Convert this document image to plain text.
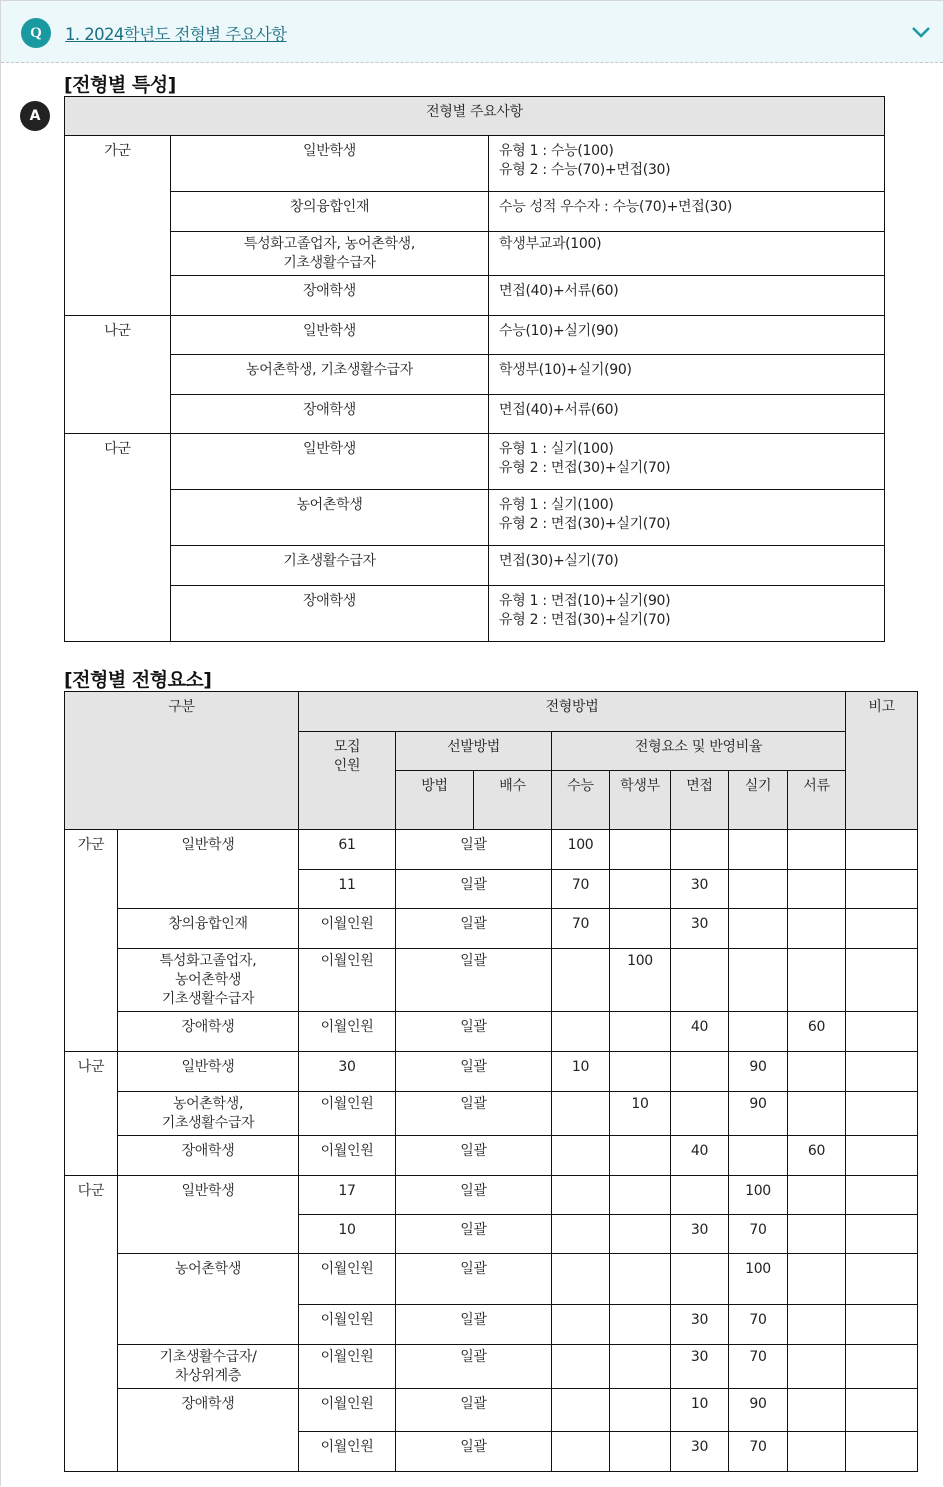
Q	1. 2024학년도 전형별 주요사항
A
[전형별 특성]
전형별 주요사항		
가군	일반학생	유형 1 : 수능(100)
유형 2 : 수능(70)+면접(30)

	창의융합인재	수능 성적 우수자 : 수능(70)+면접(30)

	특성화고졸업자, 농어촌학생,
기초생활수급자	학생부교과(100)
	장애학생	면접(40)+서류(60)
나군	일반학생	수능(10)+실기(90)
	농어촌학생, 기초생활수급자	학생부(10)+실기(90)
	장애학생	면접(40)+서류(60)
다군	일반학생	유형 1 : 실기(100)
유형 2 : 면접(30)+실기(70)

	농어촌학생	유형 1 : 실기(100)
유형 2 : 면접(30)+실기(70)

	기초생활수급자	면접(30)+실기(70)
	장애학생	유형 1 : 면접(10)+실기(90)
유형 2 : 면접(30)+실기(70)
[전형별 전형요소]
구분		전형방법								비고

		모집
인원	선발방법		전형요소 및 반영비율					
			방법	배수	수능	학생부	면접	실기	서류	
가군	일반학생	61	일괄		100					
		11	일괄		70		30			
	창의융합인재	이월인원	일괄		70		30			

	특성화고졸업자,
농어촌학생
기초생활수급자	이월인원	일괄			100				
	장애학생	이월인원	일괄				40		60	
나군	일반학생	30	일괄		10			90		

	농어촌학생,
기초생활수급자	이월인원	일괄			10		90		
	장애학생	이월인원	일괄				40		60	
다군	일반학생	17	일괄					100		
		10	일괄				30	70		
	농어촌학생	이월인원	일괄					100		
		이월인원	일괄				30	70		

	기초생활수급자/
차상위계층	이월인원	일괄				30	70		
	장애학생	이월인원	일괄				10	90		
		이월인원	일괄				30	70		
